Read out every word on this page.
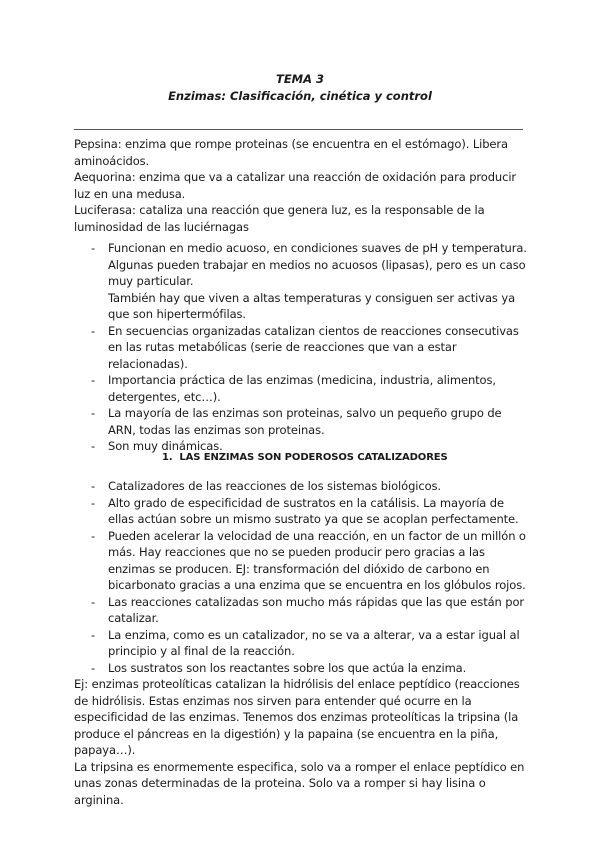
TEMA 3
Enzimas: Clasificación, cinética y control

Pepsina: enzima que rompe proteinas (se encuentra en el estómago). Libera aminoácidos.

Aequorina: enzima que va a catalizar una reacción de oxidación para producir luz en una medusa.

Luciferasa: cataliza una reacción que genera luz, es la responsable de la luminosidad de las luciérnagas

- Funcionan en medio acuoso, en condiciones suaves de pH y temperatura. Algunas pueden trabajar en medios no acuosos (lipasas), pero es un caso muy particular.
También hay que viven a altas temperaturas y consiguen ser activas ya que son hipertermófilas.
- En secuencias organizadas catalizan cientos de reacciones consecutivas en las rutas metabólicas (serie de reacciones que van a estar relacionadas).
- Importancia práctica de las enzimas (medicina, industria, alimentos, detergentes, etc…).
- La mayoría de las enzimas son proteinas, salvo un pequeño grupo de ARN, todas las enzimas son proteinas.
- Son muy dinámicas.
1. LAS ENZIMAS SON PODEROSOS CATALIZADORES
- Catalizadores de las reacciones de los sistemas biológicos.
- Alto grado de especificidad de sustratos en la catálisis. La mayoría de ellas actúan sobre un mismo sustrato ya que se acoplan perfectamente.
- Pueden acelerar la velocidad de una reacción, en un factor de un millón o más. Hay reacciones que no se pueden producir pero gracias a las enzimas se producen. EJ: transformación del dióxido de carbono en bicarbonato gracias a una enzima que se encuentra en los glóbulos rojos.
- Las reacciones catalizadas son mucho más rápidas que las que están por catalizar.
- La enzima, como es un catalizador, no se va a alterar, va a estar igual al principio y al final de la reacción.
- Los sustratos son los reactantes sobre los que actúa la enzima.

Ej: enzimas proteolíticas catalizan la hidrólisis del enlace peptídico (reacciones de hidrólisis. Estas enzimas nos sirven para entender qué ocurre en la especificidad de las enzimas. Tenemos dos enzimas proteolíticas la tripsina (la produce el páncreas en la digestión) y la papaina (se encuentra en la piña, papaya…).

La tripsina es enormemente especifica, solo va a romper el enlace peptídico en unas zonas determinadas de la proteina. Solo va a romper si hay lisina o arginina.
